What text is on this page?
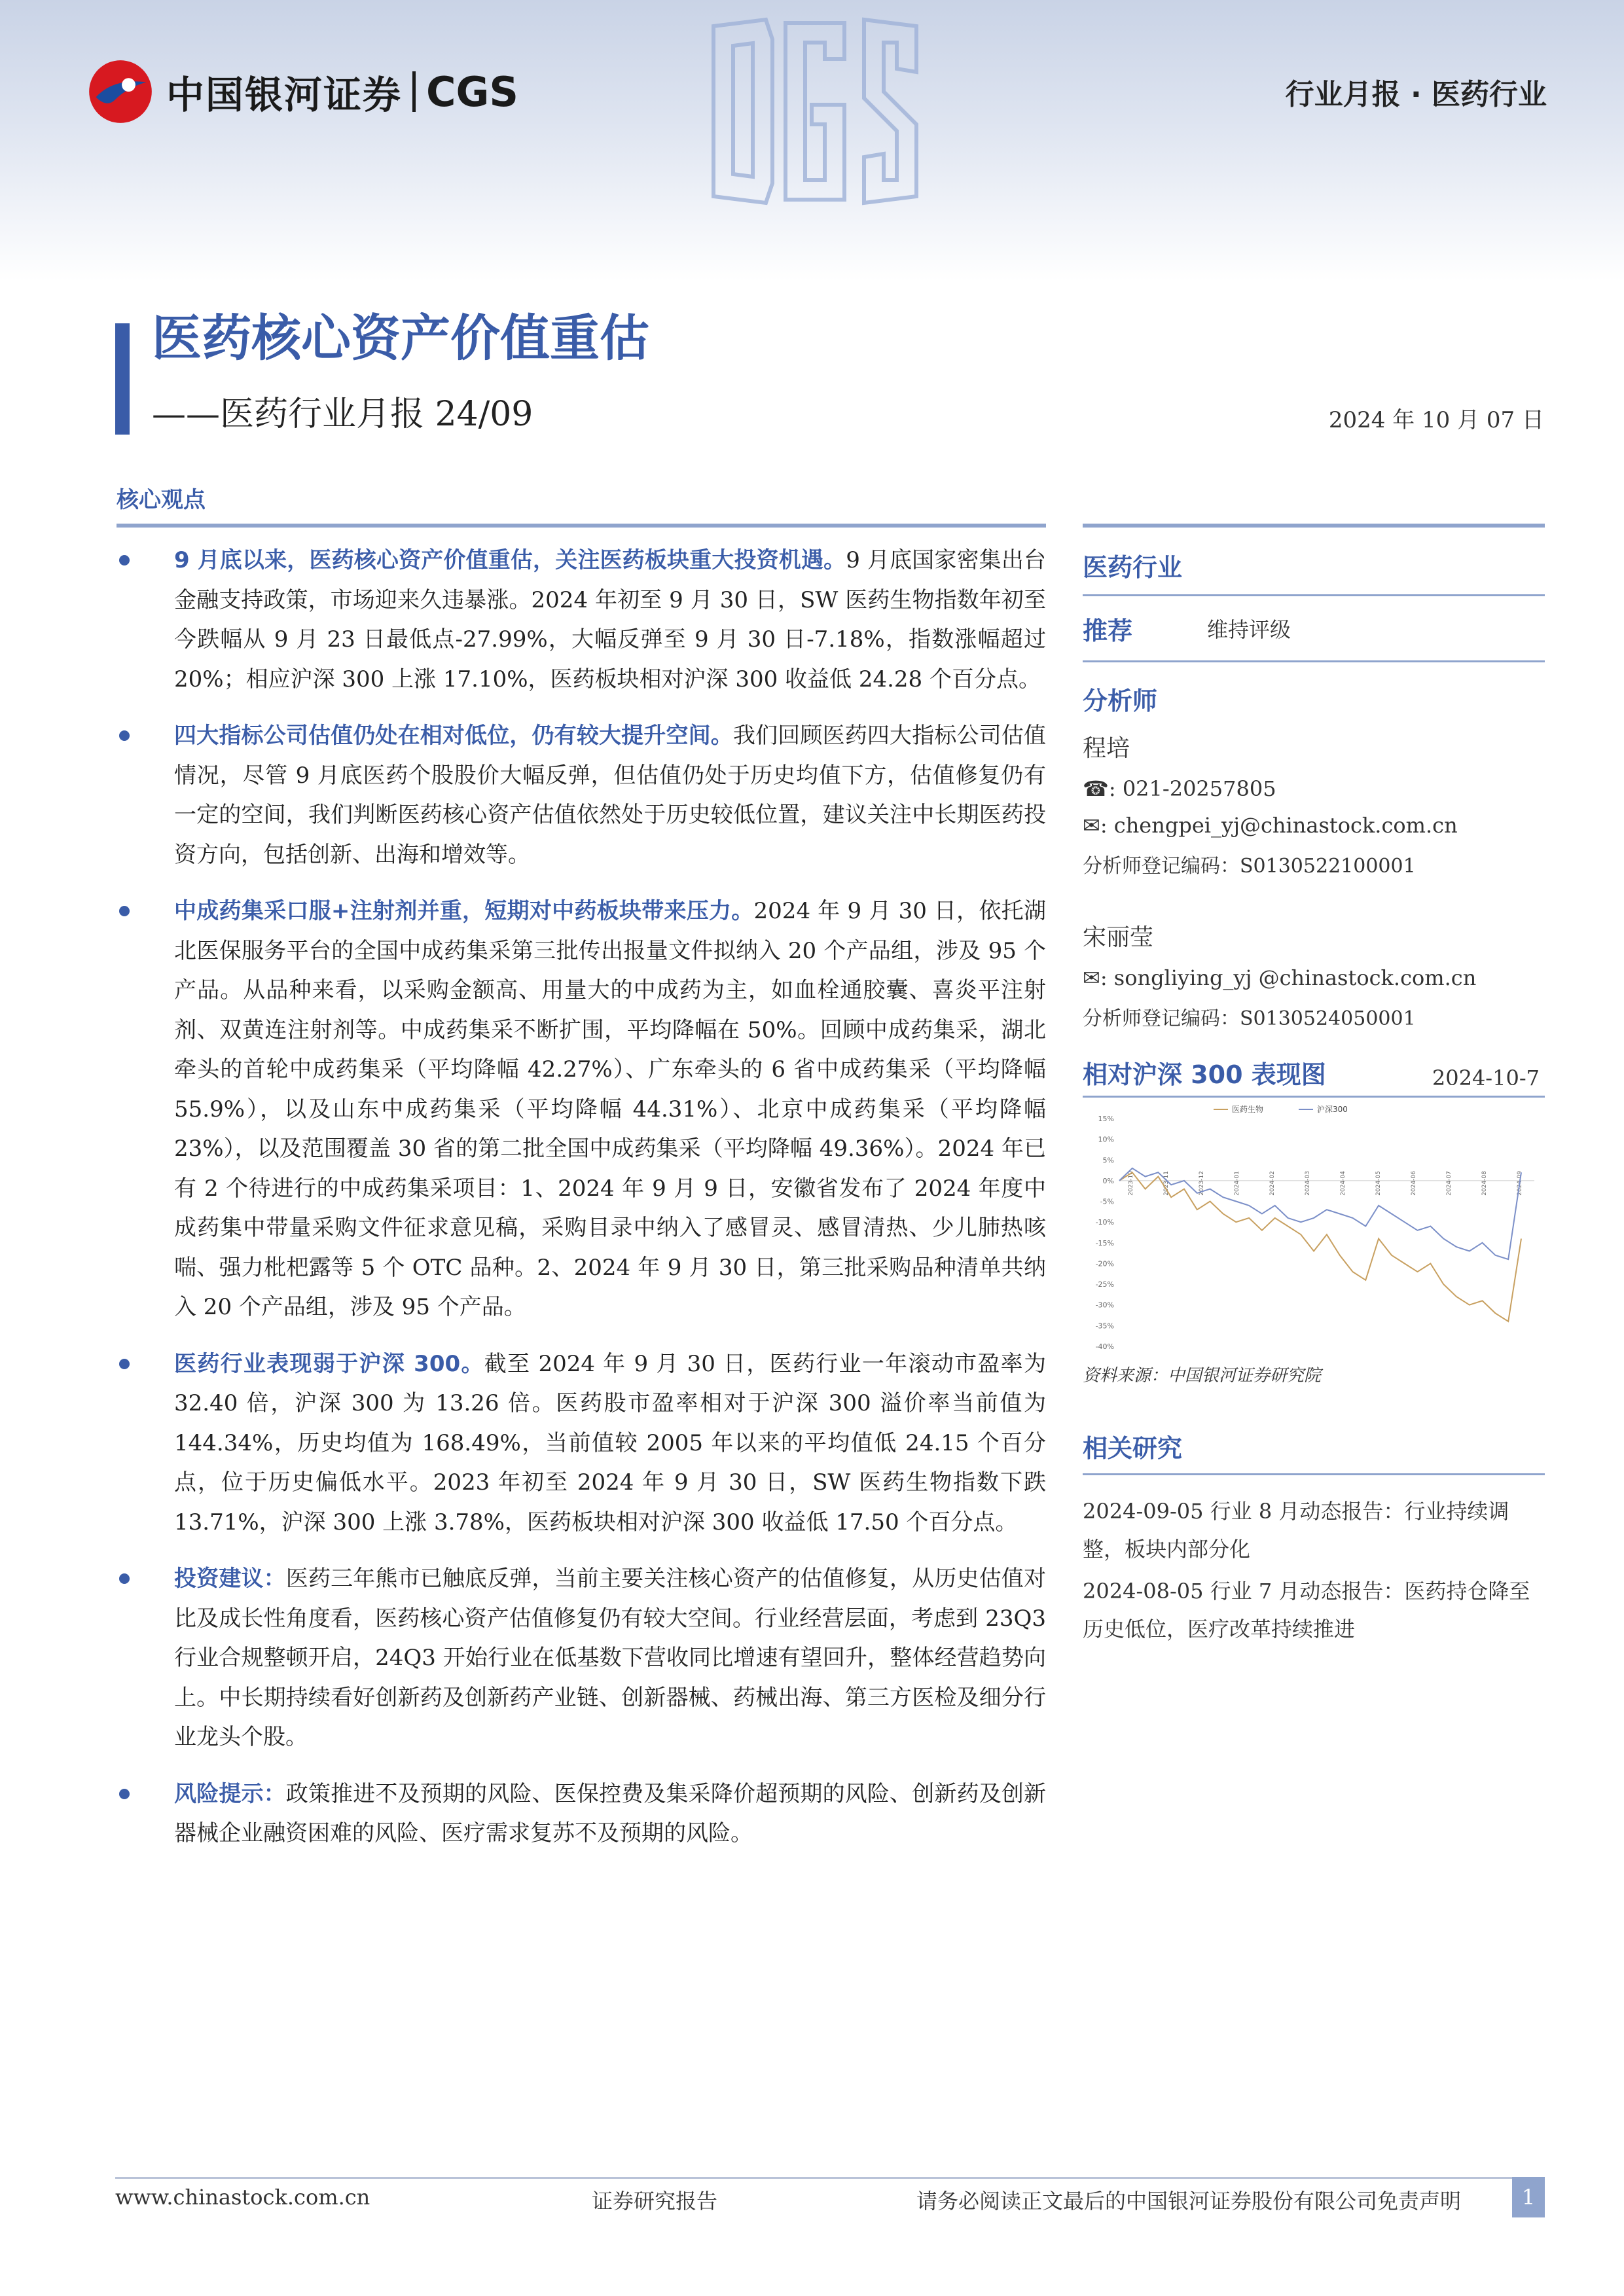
中国银河证券 CGS	行业月报 · 医药行业
医药核心资产价值重估
——医药行业月报 24/09	2024 年 10 月 07 日
核心观点
9 月底以来，医药核心资产价值重估，关注医药板块重大投资机遇。9 月底国家密集出台金融支持政策，市场迎来久违暴涨。2024 年初至 9 月 30 日，SW 医药生物指数年初至今跌幅从 9 月 23 日最低点-27.99%，大幅反弹至 9 月 30 日-7.18%，指数涨幅超过 20%；相应沪深 300 上涨 17.10%，医药板块相对沪深 300 收益低 24.28 个百分点。
四大指标公司估值仍处在相对低位，仍有较大提升空间。我们回顾医药四大指标公司估值情况，尽管 9 月底医药个股股价大幅反弹，但估值仍处于历史均值下方，估值修复仍有一定的空间，我们判断医药核心资产估值依然处于历史较低位置，建议关注中长期医药投资方向，包括创新、出海和增效等。
中成药集采口服+注射剂并重，短期对中药板块带来压力。2024 年 9 月 30 日，依托湖北医保服务平台的全国中成药集采第三批传出报量文件拟纳入 20 个产品组，涉及 95 个产品。从品种来看，以采购金额高、用量大的中成药为主，如血栓通胶囊、喜炎平注射剂、双黄连注射剂等。中成药集采不断扩围，平均降幅在 50%。回顾中成药集采，湖北牵头的首轮中成药集采（平均降幅 42.27%）、广东牵头的 6 省中成药集采（平均降幅 55.9%），以及山东中成药集采（平均降幅 44.31%）、北京中成药集采（平均降幅 23%），以及范围覆盖 30 省的第二批全国中成药集采（平均降幅 49.36%）。2024 年已有 2 个待进行的中成药集采项目：1、2024 年 9 月 9 日，安徽省发布了 2024 年度中成药集中带量采购文件征求意见稿，采购目录中纳入了感冒灵、感冒清热、少儿肺热咳喘、强力枇杷露等 5 个 OTC 品种。2、2024 年 9 月 30 日，第三批采购品种清单共纳入 20 个产品组，涉及 95 个产品。
医药行业表现弱于沪深 300。截至 2024 年 9 月 30 日，医药行业一年滚动市盈率为 32.40 倍，沪深 300 为 13.26 倍。医药股市盈率相对于沪深 300 溢价率当前值为 144.34%，历史均值为 168.49%，当前值较 2005 年以来的平均值低 24.15 个百分点，位于历史偏低水平。2023 年初至 2024 年 9 月 30 日，SW 医药生物指数下跌 13.71%，沪深 300 上涨 3.78%，医药板块相对沪深 300 收益低 17.50 个百分点。
投资建议：医药三年熊市已触底反弹，当前主要关注核心资产的估值修复，从历史估值对比及成长性角度看，医药核心资产估值修复仍有较大空间。行业经营层面，考虑到 23Q3 行业合规整顿开启，24Q3 开始行业在低基数下营收同比增速有望回升，整体经营趋势向上。中长期持续看好创新药及创新药产业链、创新器械、药械出海、第三方医检及细分行业龙头个股。
风险提示：政策推进不及预期的风险、医保控费及集采降价超预期的风险、创新药及创新器械企业融资困难的风险、医疗需求复苏不及预期的风险。
医药行业
推荐	维持评级
分析师
程培
☎: 021-20257805
✉: chengpei_yj@chinastock.com.cn
分析师登记编码：S0130522100001
宋丽莹
✉: songliying_yj @chinastock.com.cn
分析师登记编码：S0130524050001
相对沪深 300 表现图	2024-10-7
15%
10%
5%
0%
-5%
-10%
-15%
-20%
-25%
-30%
-35%
-40%
2023-10	2023-11	2023-12	2024-01	2024-02	2024-03	2024-04	2024-05	2024-06	2024-07	2024-08	2024-09
医药生物	沪深300
资料来源：中国银河证券研究院
相关研究
2024-09-05 行业 8 月动态报告：行业持续调整，板块内部分化
2024-08-05 行业 7 月动态报告：医药持仓降至历史低位，医疗改革持续推进
www.chinastock.com.cn	证券研究报告	请务必阅读正文最后的中国银河证券股份有限公司免责声明	1
